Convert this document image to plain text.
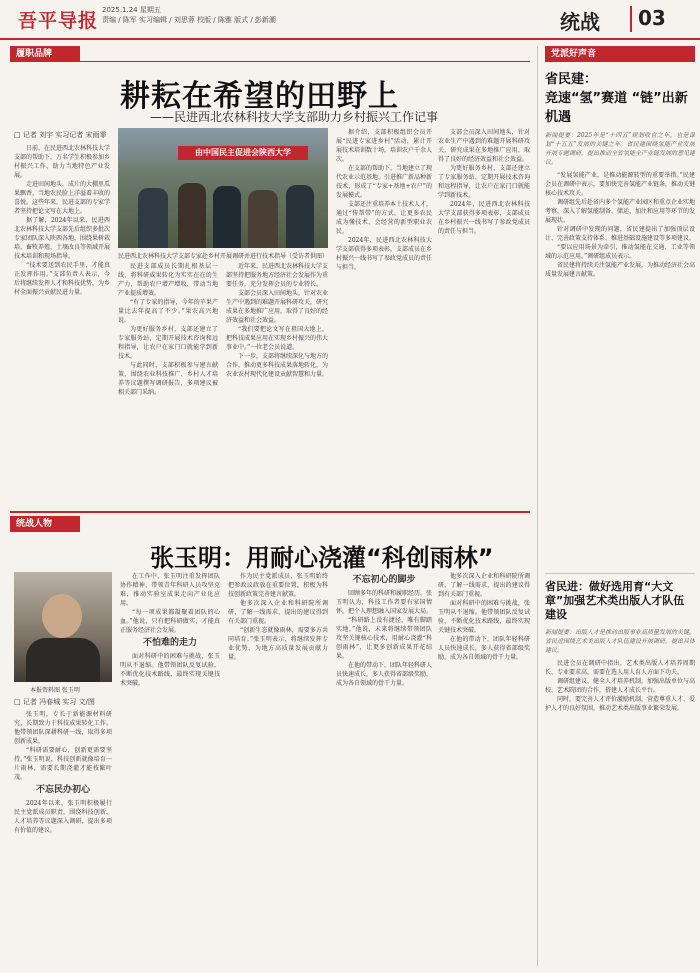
吾平导报 2025.1.24 星期五
责编 / 陈军 实习编辑 / 刘思蓉 校版 / 陈雅 版式 / 彭新潮	统战	03
履职品牌
耕耘在希望的田野上
——民进西北农林科技大学支部助力乡村振兴工作记事
□ 记者 刘宇 实习记者 宋雨霏

日前，在民进西北农林科技大学支部的帮助下，万名学生积极参加乡村振兴工作，助力当地特色产业发展。

走进田间地头，成片的大棚里瓜果飘香，当地农民脸上洋溢着丰收的喜悦。这些年来，民进支部的专家学者坚持把论文写在大地上。

据了解，2024年以来，民进西北农林科技大学支部先后组织多批次专家团队深入陕西各地，围绕果树栽培、畜牧养殖、土壤改良等领域开展技术培训和现场指导。

“技术要送到农民手里，才能真正发挥作用。”支部负责人表示，今后将继续发挥人才和科技优势，为乡村全面振兴贡献民进力量。

由中国民主促进会陕西大学
民进西北农林科技大学支部专家赴乡村开展调研并进行技术指导（受访者供图）

民进支部成员长期扎根基层一线，将科研成果转化为实实在在的生产力，帮助农户增产增收，带动当地产业提质增效。

“有了专家的指导，今年的苹果产量比去年提高了不少。”果农高兴地说。

为更好服务乡村，支部还建立了专家服务站，定期开展技术咨询和远程指导，让农户在家门口就能学到新技术。

与此同时，支部积极参与建言献策，围绕农业科技推广、乡村人才培养等议题撰写调研报告，多项建议被相关部门采纳。

近年来，民进西北农林科技大学支部坚持把服务地方经济社会发展作为重要任务，充分发挥会员的专业特长。

支部会员深入田间地头，针对农业生产中遇到的难题开展科研攻关，研究成果在多地推广应用，取得了良好的经济效益和社会效益。

“我们要把论文写在祖国大地上，把科技成果应用在实现乡村振兴的伟大事业中。”一位老会员说道。

下一步，支部将继续深化与地方的合作，推动更多科技成果落地转化，为农业农村现代化建设贡献智慧和力量。

据介绍，支部积极组织会员开展“民进专家进乡村”活动，累计开展技术培训数十场，培训农户千余人次。

在支部的帮助下，当地建立了现代农业示范基地，引进推广新品种新技术，形成了“专家+基地+农户”的发展模式。

支部还注重培养本土技术人才，通过“传帮带”的方式，让更多农民成为懂技术、会经营的新型职业农民。

2024年，民进西北农林科技大学支部获得多项表彰，支部成员在乡村振兴一线书写了参政党成员的责任与担当。

支部会员深入田间地头，针对农业生产中遇到的难题开展科研攻关，研究成果在多地推广应用，取得了良好的经济效益和社会效益。

为更好服务乡村，支部还建立了专家服务站，定期开展技术咨询和远程指导，让农户在家门口就能学到新技术。

2024年，民进西北农林科技大学支部获得多项表彰，支部成员在乡村振兴一线书写了参政党成员的责任与担当。

党派好声音
省民建：
竞速“氢”赛道 “链”出新机遇
新闻提要：2025年是“十四五”规划收官之年，也是谋划“十五五”发展的关键之年。省民建围绕氢能产业发展开展专题调研，提出推动全省氢能全产业链发展的意见建议。

“发展氢能产业，是推动能源转型的重要举措。”民建会员在调研中表示，要加快完善氢能产业链条，推动关键核心技术攻关。

调研组先后赴省内多个氢能产业园区和重点企业实地考察，深入了解氢能制备、储运、加注和应用等环节的发展现状。

针对调研中发现的问题，省民建提出了加强顶层设计、完善政策支持体系、推进基础设施建设等多项建议。

“要以应用场景为牵引，推动氢能在交通、工业等领域的示范应用。”调研组成员表示。

省民建将持续关注氢能产业发展，为推动经济社会高质量发展建言献策。

省民进：做好选用育“大文章”加强艺术类出版人才队伍建设
新闻提要：出版人才是推动出版事业高质量发展的关键。省民进围绕艺术类出版人才队伍建设开展调研，提出具体建议。

民进会员在调研中指出，艺术类出版人才培养周期长、专业要求高，需要在选人用人育人方面下功夫。

调研组建议，健全人才培养机制，加强出版单位与高校、艺术院团的合作，搭建人才成长平台。

同时，要完善人才评价激励机制，营造尊重人才、爱护人才的良好氛围，推动艺术类出版事业繁荣发展。

统战人物
张玉明：用耐心浇灌“科创雨林”
本报资料图 张玉明
□ 记者 冯春城 实习 文/图

张玉明，专长于新能源材料研究，长期致力于科技成果转化工作。他带领团队深耕科研一线，取得多项创新成果。

“科研需要耐心，创新更需要坚持。”张玉明说，科技创新就像培育一片雨林，需要长期浇灌才能枝繁叶茂。

不忘民办初心

2024年以来，张玉明积极履行民主党派成员职责，围绕科技创新、人才培养等议题深入调研，提出多项有价值的建议。

在工作中，张玉明注重发挥团队协作精神，带领青年科研人员攻坚克难，推动实验室成果走向产业化应用。

“每一项成果都凝聚着团队的心血。”他说，只有把科研做实，才能真正服务经济社会发展。

不怕难的走力

面对科研中的困难与挑战，张玉明从不退缩。他带领团队反复试验，不断优化技术路线，最终实现关键技术突破。

作为民主党派成员，张玉明始终把参政议政放在重要位置，积极为科技创新政策完善建言献策。

他多次深入企业和科研院所调研，了解一线需求，提出的建议得到有关部门重视。

“创新生态就像雨林，需要多方共同培育。”张玉明表示，将继续发挥专业优势，为地方高质量发展贡献力量。

不忘初心的脚步

回顾多年的科研和履职经历，张玉明认为，科技工作者要有家国情怀，把个人理想融入国家发展大局。

“科研路上没有捷径，唯有脚踏实地。”他说，未来将继续带领团队攻坚关键核心技术，用耐心浇灌“科创雨林”，让更多创新成果开花结果。

在他的带动下，团队年轻科研人员快速成长，多人获得省部级奖励，成为各自领域的骨干力量。

他多次深入企业和科研院所调研，了解一线需求，提出的建议得到有关部门重视。

面对科研中的困难与挑战，张玉明从不退缩。他带领团队反复试验，不断优化技术路线，最终实现关键技术突破。

在他的带动下，团队年轻科研人员快速成长，多人获得省部级奖励，成为各自领域的骨干力量。
